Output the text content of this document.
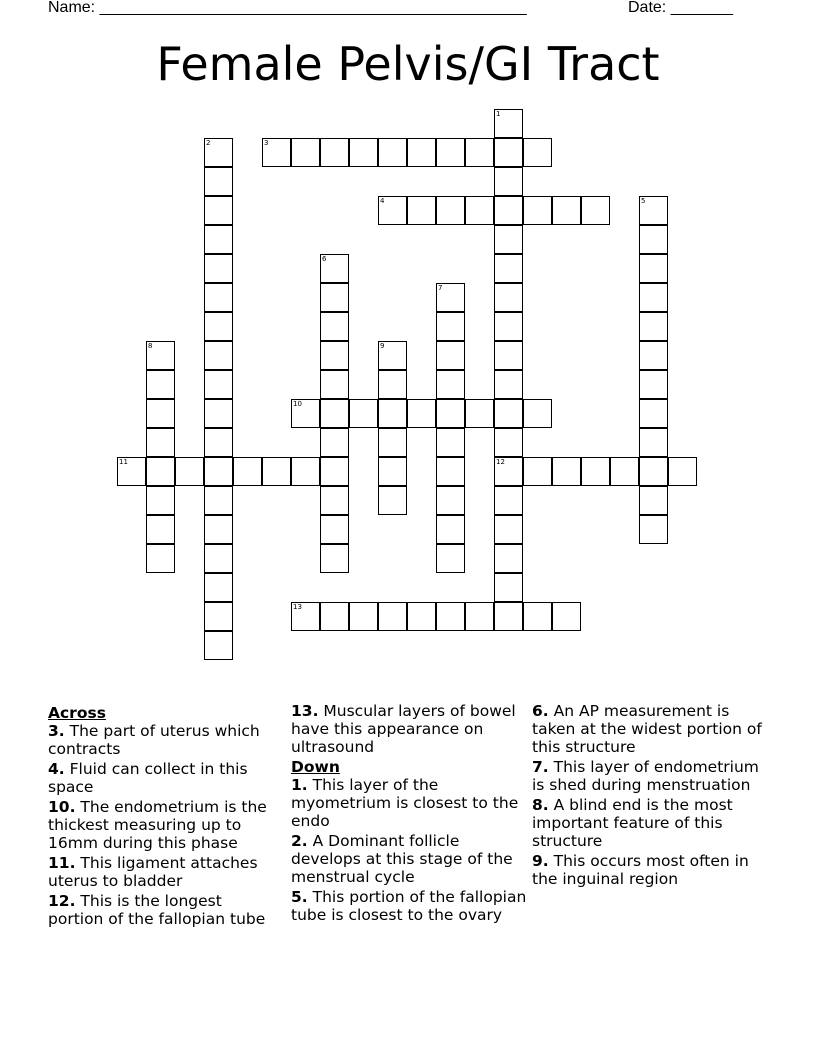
Name: ________________________________________________	Date: _______
Female Pelvis/GI Tract
1
12
2	3
4	5
6
7
8	9
10
11
13
Across
3. The part of uterus which contracts
4. Fluid can collect in this space
10. The endometrium is the thickest measuring up to 16mm during this phase
11. This ligament attaches uterus to bladder
12. This is the longest portion of the fallopian tube
13. Muscular layers of bowel have this appearance on ultrasound
Down
1. This layer of the myometrium is closest to the endo
2. A Dominant follicle develops at this stage of the menstrual cycle
5. This portion of the fallopian tube is closest to the ovary
6. An AP measurement is taken at the widest portion of this structure
7. This layer of endometrium is shed during menstruation
8. A blind end is the most important feature of this structure
9. This occurs most often in the inguinal region
